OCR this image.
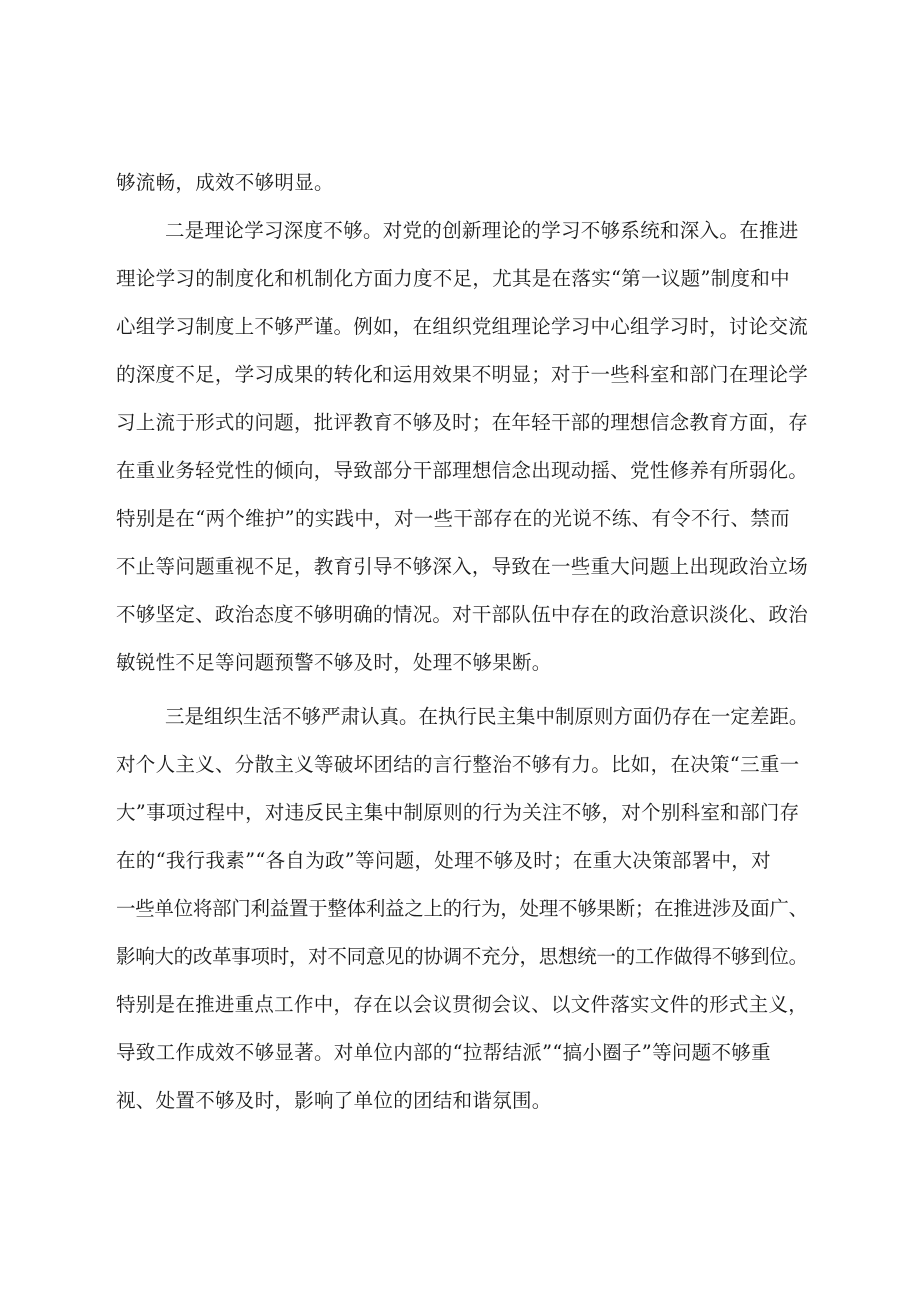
够流畅，成效不够明显。

二是理论学习深度不够。对党的创新理论的学习不够系统和深入。在推进

理论学习的制度化和机制化方面力度不足，尤其是在落实“第一议题”制度和中

心组学习制度上不够严谨。例如，在组织党组理论学习中心组学习时，讨论交流

的深度不足，学习成果的转化和运用效果不明显；对于一些科室和部门在理论学

习上流于形式的问题，批评教育不够及时；在年轻干部的理想信念教育方面，存

在重业务轻党性的倾向，导致部分干部理想信念出现动摇、党性修养有所弱化。

特别是在“两个维护”的实践中，对一些干部存在的光说不练、有令不行、禁而

不止等问题重视不足，教育引导不够深入，导致在一些重大问题上出现政治立场

不够坚定、政治态度不够明确的情况。对干部队伍中存在的政治意识淡化、政治

敏锐性不足等问题预警不够及时，处理不够果断。

三是组织生活不够严肃认真。在执行民主集中制原则方面仍存在一定差距。

对个人主义、分散主义等破坏团结的言行整治不够有力。比如，在决策“三重一

大”事项过程中，对违反民主集中制原则的行为关注不够，对个别科室和部门存

在的“我行我素”“各自为政”等问题，处理不够及时；在重大决策部署中，对

一些单位将部门利益置于整体利益之上的行为，处理不够果断；在推进涉及面广、

影响大的改革事项时，对不同意见的协调不充分，思想统一的工作做得不够到位。

特别是在推进重点工作中，存在以会议贯彻会议、以文件落实文件的形式主义，

导致工作成效不够显著。对单位内部的“拉帮结派”“搞小圈子”等问题不够重

视、处置不够及时，影响了单位的团结和谐氛围。
